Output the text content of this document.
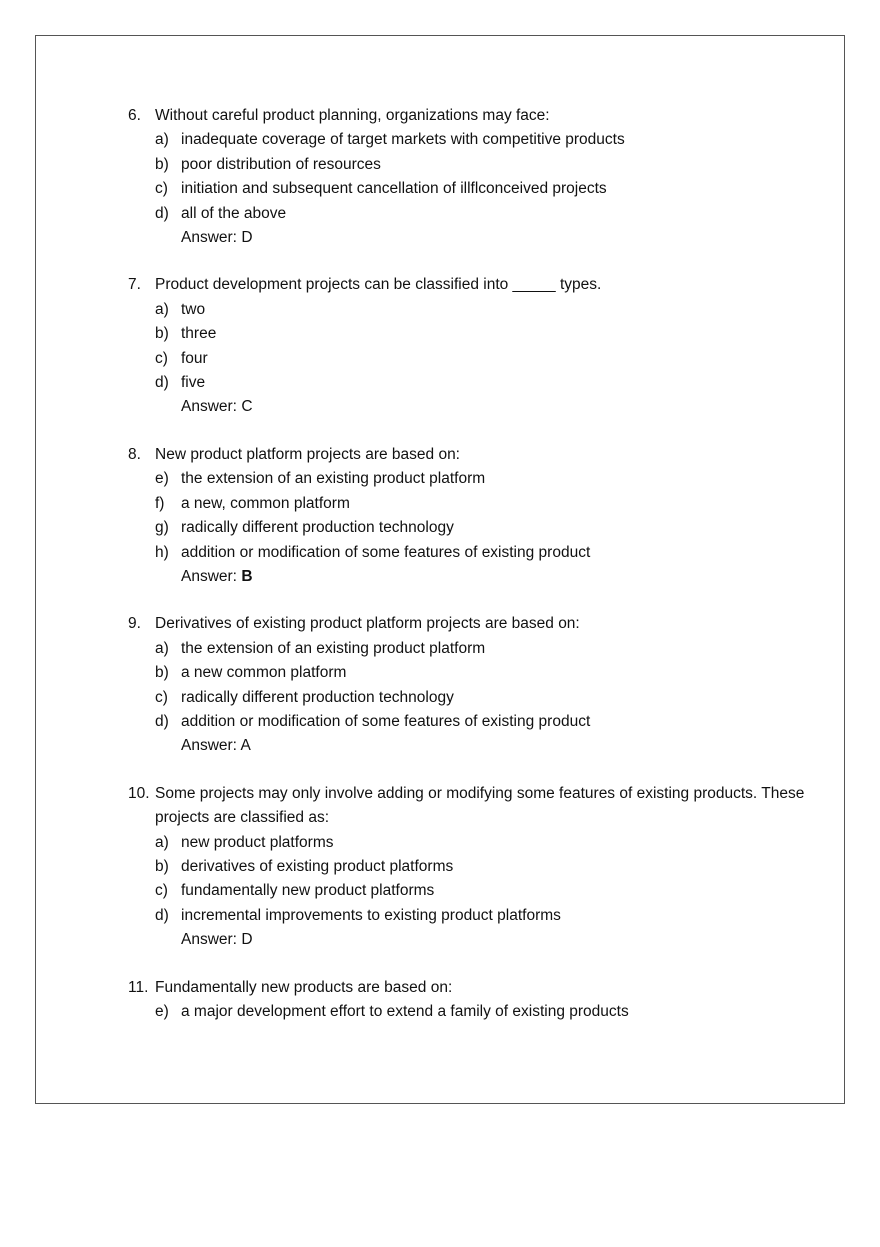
6. Without careful product planning, organizations may face:
a) inadequate coverage of target markets with competitive products
b) poor distribution of resources
c) initiation and subsequent cancellation of illflconceived projects
d) all of the above
Answer: D
7. Product development projects can be classified into _____ types.
a) two
b) three
c) four
d) five
Answer: C
8. New product platform projects are based on:
e) the extension of an existing product platform
f)	a new, common platform
g) radically different production technology
h) addition or modification of some features of existing product
Answer: B
9. Derivatives of existing product platform projects are based on:
a) the extension of an existing product platform
b) a new common platform
c) radically different production technology
d) addition or modification of some features of existing product
Answer: A
10. Some projects may only involve adding or modifying some features of existing products. These projects are classified as:
a) new product platforms
b) derivatives of existing product platforms
c) fundamentally new product platforms
d) incremental improvements to existing product platforms
Answer: D
11. Fundamentally new products are based on:
e) a major development effort to extend a family of existing products
